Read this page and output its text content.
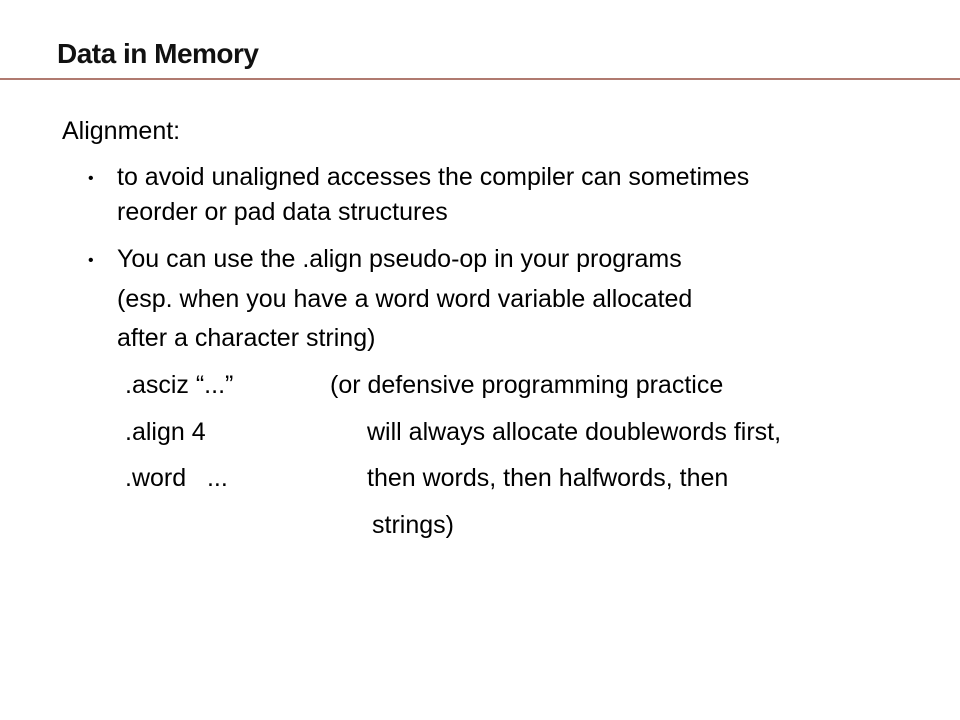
Data in Memory
Alignment:
• to avoid unaligned accesses the compiler can sometimes
reorder or pad data structures
• You can use the .align pseudo-op in your programs
(esp. when you have a word word variable allocated
after a character string)
.asciz “...”	(or defensive programming practice
.align 4	will always allocate doublewords first,
.word   ...	then words, then halfwords, then
strings)
